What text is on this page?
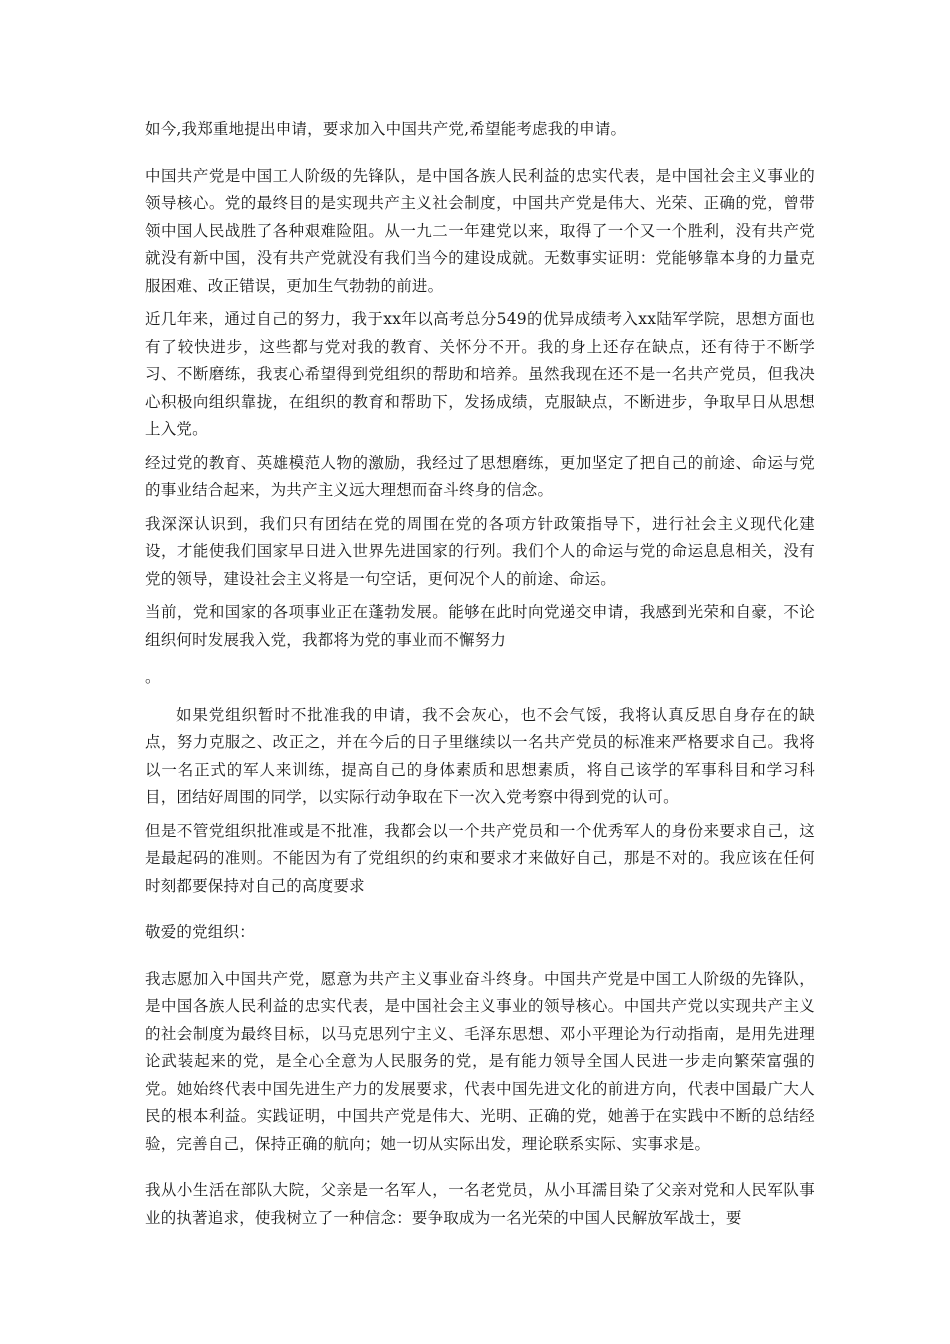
如今,我郑重地提出申请，要求加入中国共产党,希望能考虑我的申请。

中国共产党是中国工人阶级的先锋队，是中国各族人民利益的忠实代表，是中国社会主义事业的领导核心。党的最终目的是实现共产主义社会制度，中国共产党是伟大、光荣、正确的党，曾带领中国人民战胜了各种艰难险阻。从一九二一年建党以来，取得了一个又一个胜利，没有共产党就没有新中国，没有共产党就没有我们当今的建设成就。无数事实证明：党能够靠本身的力量克服困难、改正错误，更加生气勃勃的前进。

近几年来，通过自己的努力，我于xx年以高考总分549的优异成绩考入xx陆军学院，思想方面也有了较快进步，这些都与党对我的教育、关怀分不开。我的身上还存在缺点，还有待于不断学习、不断磨练，我衷心希望得到党组织的帮助和培养。虽然我现在还不是一名共产党员，但我决心积极向组织靠拢，在组织的教育和帮助下，发扬成绩，克服缺点，不断进步，争取早日从思想上入党。

经过党的教育、英雄模范人物的激励，我经过了思想磨练，更加坚定了把自己的前途、命运与党的事业结合起来，为共产主义远大理想而奋斗终身的信念。

我深深认识到，我们只有团结在党的周围在党的各项方针政策指导下，进行社会主义现代化建设，才能使我们国家早日进入世界先进国家的行列。我们个人的命运与党的命运息息相关，没有党的领导，建设社会主义将是一句空话，更何况个人的前途、命运。

当前，党和国家的各项事业正在蓬勃发展。能够在此时向党递交申请，我感到光荣和自豪，不论组织何时发展我入党，我都将为党的事业而不懈努力

。

如果党组织暂时不批准我的申请，我不会灰心，也不会气馁，我将认真反思自身存在的缺点，努力克服之、改正之，并在今后的日子里继续以一名共产党员的标准来严格要求自己。我将以一名正式的军人来训练，提高自己的身体素质和思想素质，将自己该学的军事科目和学习科目，团结好周围的同学，以实际行动争取在下一次入党考察中得到党的认可。

但是不管党组织批准或是不批准，我都会以一个共产党员和一个优秀军人的身份来要求自己，这是最起码的准则。不能因为有了党组织的约束和要求才来做好自己，那是不对的。我应该在任何时刻都要保持对自己的高度要求

敬爱的党组织：

我志愿加入中国共产党，愿意为共产主义事业奋斗终身。中国共产党是中国工人阶级的先锋队，是中国各族人民利益的忠实代表，是中国社会主义事业的领导核心。中国共产党以实现共产主义的社会制度为最终目标，以马克思列宁主义、毛泽东思想、邓小平理论为行动指南，是用先进理论武装起来的党，是全心全意为人民服务的党，是有能力领导全国人民进一步走向繁荣富强的党。她始终代表中国先进生产力的发展要求，代表中国先进文化的前进方向，代表中国最广大人民的根本利益。实践证明，中国共产党是伟大、光明、正确的党，她善于在实践中不断的总结经验，完善自己，保持正确的航向；她一切从实际出发，理论联系实际、实事求是。

我从小生活在部队大院，父亲是一名军人，一名老党员，从小耳濡目染了父亲对党和人民军队事业的执著追求，使我树立了一种信念：要争取成为一名光荣的中国人民解放军战士，要
